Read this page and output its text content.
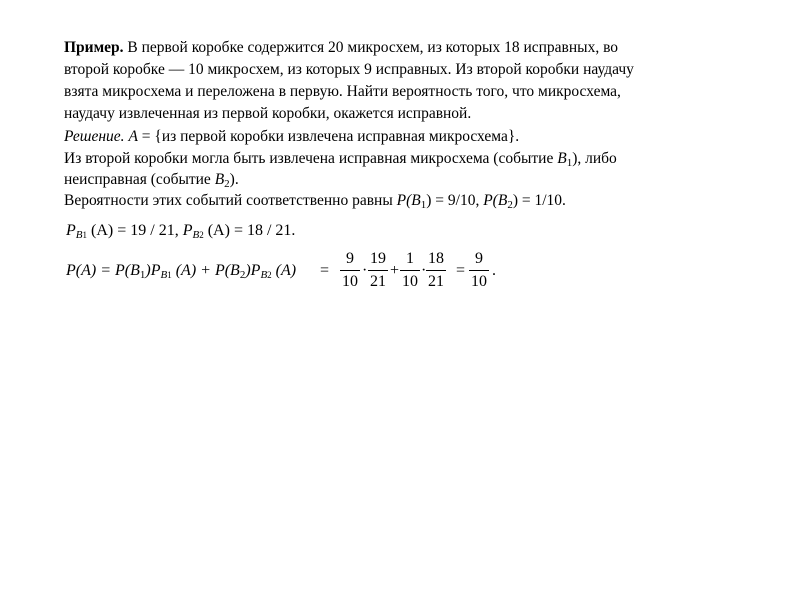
Пример. В первой коробке содержится 20 микросхем, из которых 18 исправных, во
второй коробке — 10 микросхем, из которых 9 исправных. Из второй коробки наудачу
взята микросхема и переложена в первую. Найти вероятность того, что микросхема,
наудачу извлеченная из первой коробки, окажется исправной.
Решение. A = {из первой коробки извлечена исправная микросхема}.
Из второй коробки могла быть извлечена исправная микросхема (событие $B_1$), либо
неисправная (событие $B_2$).
Вероятности этих событий соответственно равны $P(B_1) = 9/10$, $P(B_2) = 1/10$.
$P_{B1}$ (A) = 19 / 21, $P_{B2}$ (A) = 18 / 21.
$P(A) = P(B_1)P_{B1}$ $(A) + P(B_2)P_{B2}$ $(A) = \frac{9}{10} \cdot \frac{19}{21} + \frac{1}{10} \cdot \frac{18}{21} = \frac{9}{10}$ .
